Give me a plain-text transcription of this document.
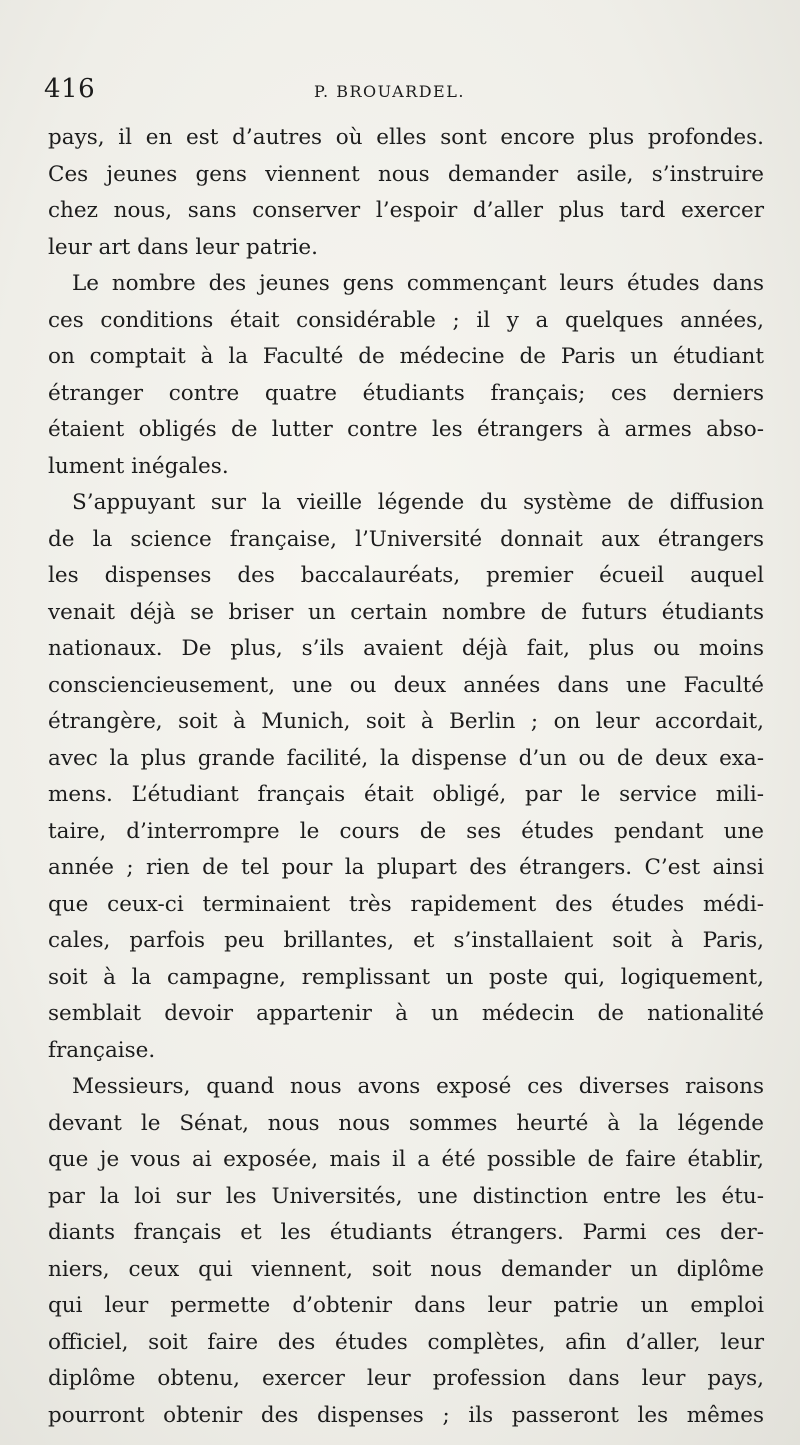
416	P. BROUARDEL.
pays, il en est d’autres où elles sont encore plus profondes.
Ces jeunes gens viennent nous demander asile, s’instruire
chez nous, sans conserver l’espoir d’aller plus tard exercer
leur art dans leur patrie.
Le nombre des jeunes gens commençant leurs études dans
ces conditions était considérable ; il y a quelques années,
on comptait à la Faculté de médecine de Paris un étudiant
étranger contre quatre étudiants français; ces derniers
étaient obligés de lutter contre les étrangers à armes abso-
lument inégales.
S’appuyant sur la vieille légende du système de diffusion
de la science française, l’Université donnait aux étrangers
les dispenses des baccalauréats, premier écueil auquel
venait déjà se briser un certain nombre de futurs étudiants
nationaux. De plus, s’ils avaient déjà fait, plus ou moins
consciencieusement, une ou deux années dans une Faculté
étrangère, soit à Munich, soit à Berlin ; on leur accordait,
avec la plus grande facilité, la dispense d’un ou de deux exa-
mens. L’étudiant français était obligé, par le service mili-
taire, d’interrompre le cours de ses études pendant une
année ; rien de tel pour la plupart des étrangers. C’est ainsi
que ceux-ci terminaient très rapidement des études médi-
cales, parfois peu brillantes, et s’installaient soit à Paris,
soit à la campagne, remplissant un poste qui, logiquement,
semblait devoir appartenir à un médecin de nationalité
française.
Messieurs, quand nous avons exposé ces diverses raisons
devant le Sénat, nous nous sommes heurté à la légende
que je vous ai exposée, mais il a été possible de faire établir,
par la loi sur les Universités, une distinction entre les étu-
diants français et les étudiants étrangers. Parmi ces der-
niers, ceux qui viennent, soit nous demander un diplôme
qui leur permette d’obtenir dans leur patrie un emploi
officiel, soit faire des études complètes, afin d’aller, leur
diplôme obtenu, exercer leur profession dans leur pays,
pourront obtenir des dispenses ; ils passeront les mêmes
